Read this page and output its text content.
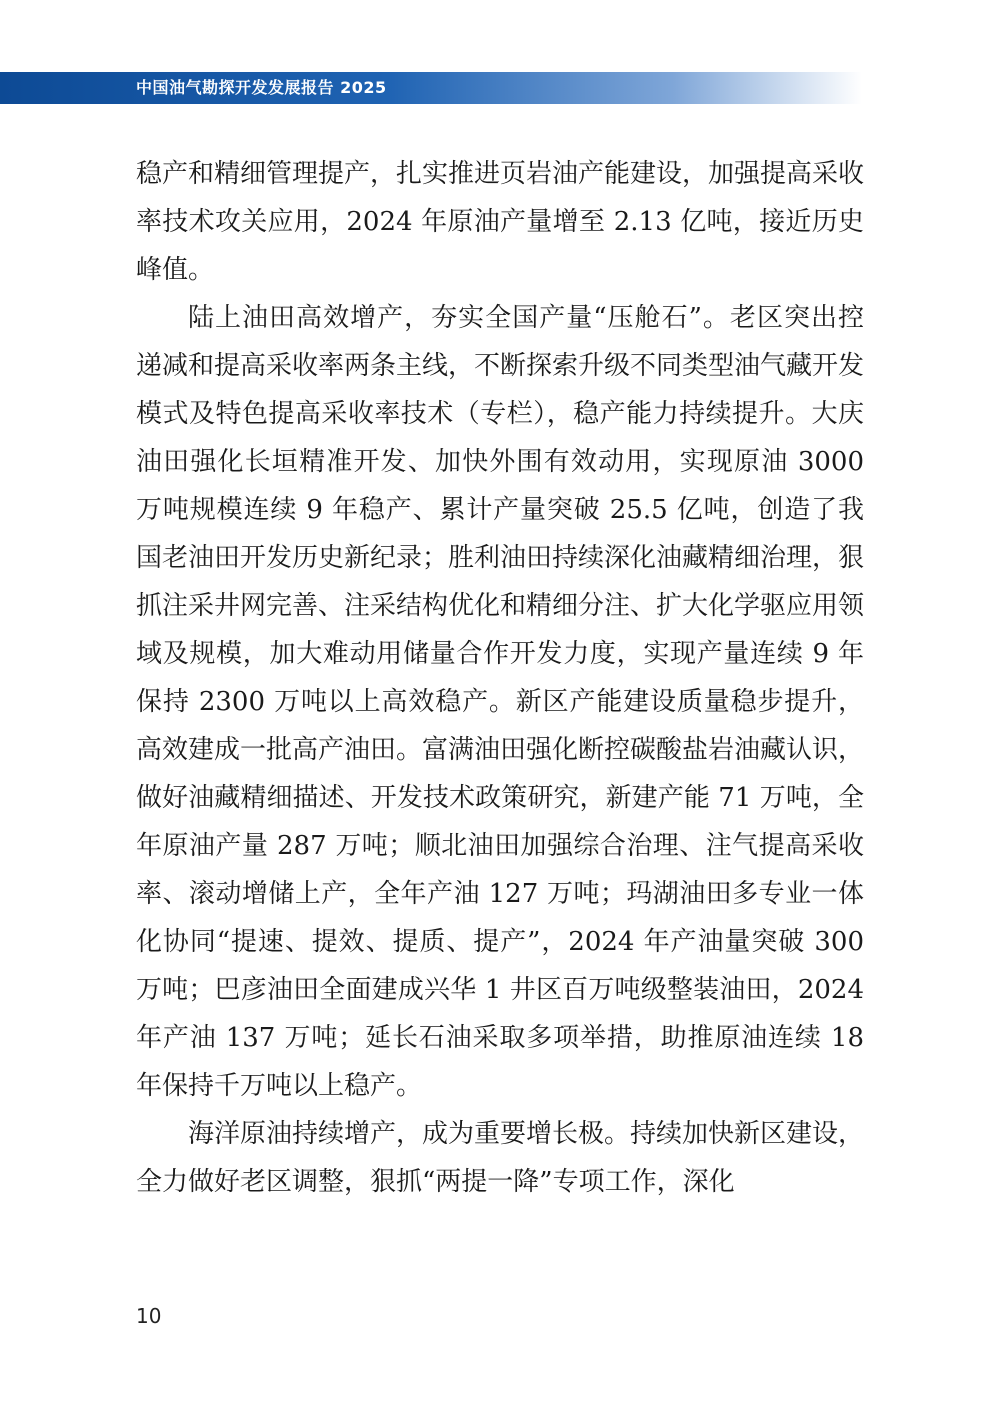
中国油气勘探开发发展报告 2025

稳产和精细管理提产，扎实推进页岩油产能建设，加强提高采收率技术攻关应用，2024 年原油产量增至 2.13 亿吨，接近历史峰值。

陆上油田高效增产，夯实全国产量“压舱石”。老区突出控递减和提高采收率两条主线，不断探索升级不同类型油气藏开发模式及特色提高采收率技术（专栏），稳产能力持续提升。大庆油田强化长垣精准开发、加快外围有效动用，实现原油 3000 万吨规模连续 9 年稳产、累计产量突破 25.5 亿吨，创造了我国老油田开发历史新纪录；胜利油田持续深化油藏精细治理，狠抓注采井网完善、注采结构优化和精细分注、扩大化学驱应用领域及规模，加大难动用储量合作开发力度，实现产量连续 9 年保持 2300 万吨以上高效稳产。新区产能建设质量稳步提升，高效建成一批高产油田。富满油田强化断控碳酸盐岩油藏认识，做好油藏精细描述、开发技术政策研究，新建产能 71 万吨，全年原油产量 287 万吨；顺北油田加强综合治理、注气提高采收率、滚动增储上产，全年产油 127 万吨；玛湖油田多专业一体化协同“提速、提效、提质、提产”，2024 年产油量突破 300 万吨；巴彦油田全面建成兴华 1 井区百万吨级整装油田，2024 年产油 137 万吨；延长石油采取多项举措，助推原油连续 18 年保持千万吨以上稳产。

海洋原油持续增产，成为重要增长极。持续加快新区建设，全力做好老区调整，狠抓“两提一降”专项工作，深化

10
